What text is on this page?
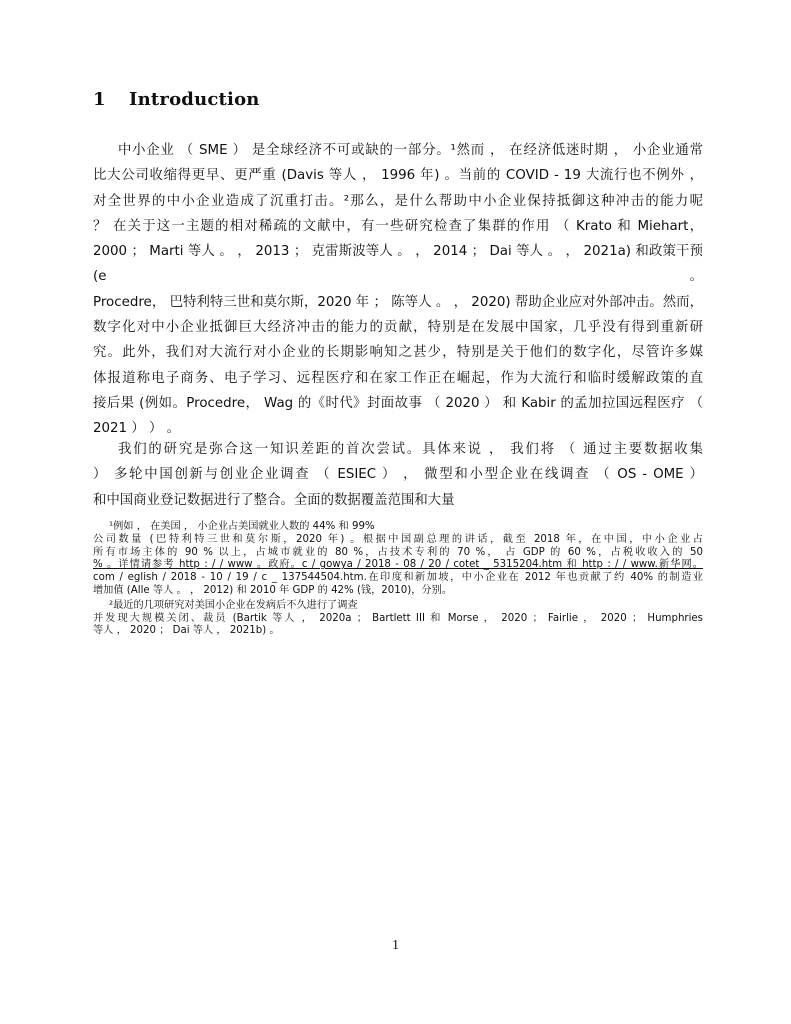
1 Introduction
中小企业 （ SME ） 是全球经济不可或缺的一部分。¹然而 ， 在经济低迷时期 ， 小企业通常
比大公司收缩得更早、更严重 (Davis 等人 ， 1996 年) 。当前的 COVID - 19 大流行也不例外 ，
对全世界的中小企业造成了沉重打击。²那么，是什么帮助中小企业保持抵御这种冲击的能力呢
？ 在关于这一主题的相对稀疏的文献中，有一些研究检查了集群的作用 （ Krato 和 Miehart，
2000 ； Marti 等人 。 ， 2013 ； 克雷斯波等人 。 ， 2014 ； Dai 等人 。 ， 2021a) 和政策干预 (e 。
Procedre， 巴特利特三世和莫尔斯，2020 年 ； 陈等人 。 ， 2020) 帮助企业应对外部冲击。然而，
数字化对中小企业抵御巨大经济冲击的能力的贡献，特别是在发展中国家，几乎没有得到重新研
究。此外，我们对大流行对小企业的长期影响知之甚少，特别是关于他们的数字化，尽管许多媒
体报道称电子商务、电子学习、远程医疗和在家工作正在崛起，作为大流行和临时缓解政策的直
接后果 (例如。Procedre， Wag 的《时代》封面故事 （ 2020 ） 和 Kabir 的孟加拉国远程医疗 （
2021 ） ） 。
我们的研究是弥合这一知识差距的首次尝试。具体来说 ， 我们将 （ 通过主要数据收集
） 多轮中国创新与创业企业调查 （ ESIEC ） ， 微型和小型企业在线调查 （ OS - OME ）
和中国商业登记数据进行了整合。全面的数据覆盖范围和大量
¹例如 ， 在美国 ， 小企业占美国就业人数的 44% 和 99%
公司数量 (巴特利特三世和莫尔斯，2020 年) 。根据中国副总理的讲话，截至 2018 年，在中国，中小企业占
所有市场主体的 90 % 以上，占城市就业的 80 %，占技术专利的 70 %， 占 GDP 的 60 %，占税收收入的 50
% 。详情请参考 http : / / www 。政府。c / gowya / 2018 - 08 / 20 / cotet _ 5315204.htm 和 http : / / www.新华网。
com / eglish / 2018 - 10 / 19 / c _ 137544504.htm.在印度和新加坡，中小企业在 2012 年也贡献了约 40% 的制造业
增加值 (Alle 等人 。 ， 2012) 和 2010 年 GDP 的 42% (钱，2010)，分别。
²最近的几项研究对美国小企业在发病后不久进行了调查
并发现大规模关闭、裁员 (Bartik 等人 ， 2020a ； Bartlett III 和 Morse ， 2020 ； Fairlie ， 2020 ； Humphries
等人 ， 2020 ； Dai 等人 ， 2021b) 。
1
